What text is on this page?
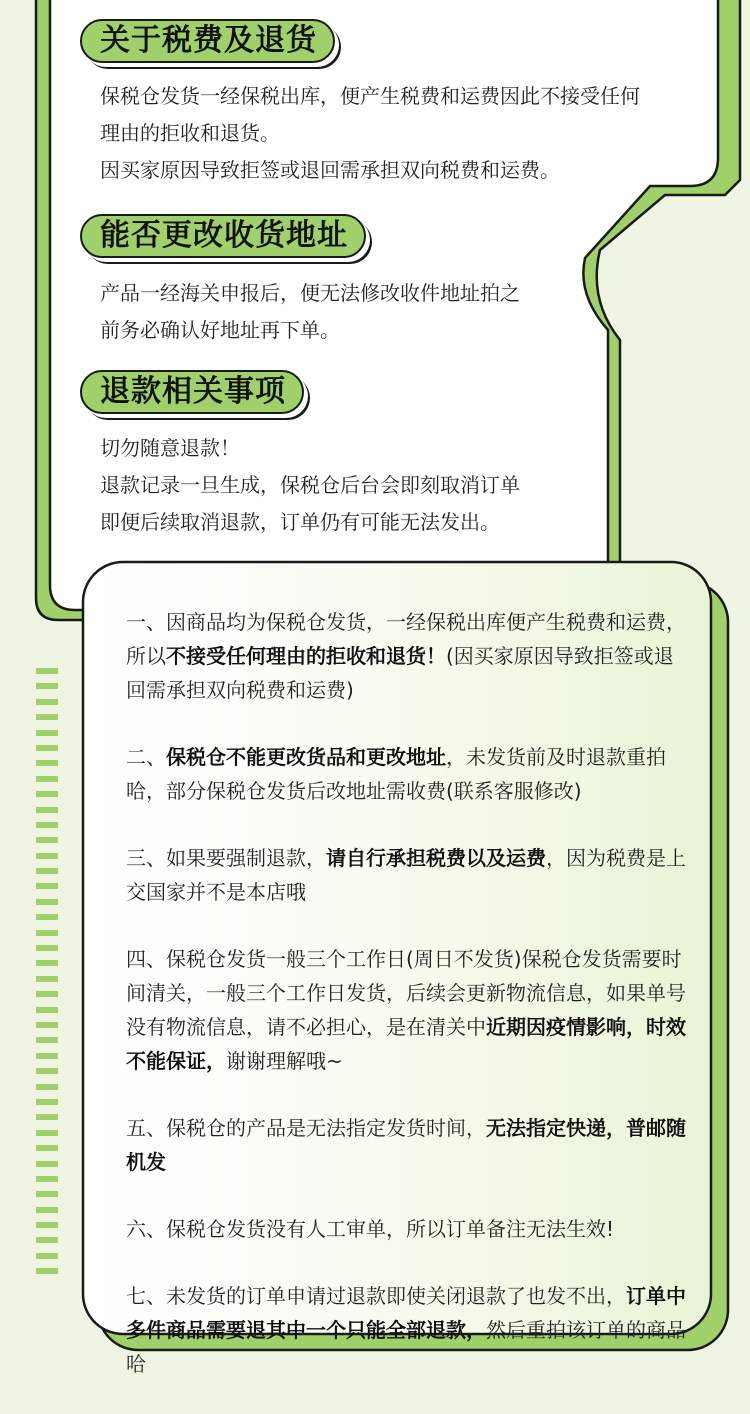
关于税费及退货
保税仓发货一经保税出库，便产生税费和运费因此不接受任何
理由的拒收和退货。
因买家原因导致拒签或退回需承担双向税费和运费。
能否更改收货地址
产品一经海关申报后，便无法修改收件地址拍之
前务必确认好地址再下单。
退款相关事项
切勿随意退款！
退款记录一旦生成，保税仓后台会即刻取消订单
即便后续取消退款，订单仍有可能无法发出。
一、因商品均为保税仓发货，一经保税出库便产生税费和运费，所以不接受任何理由的拒收和退货！(因买家原因导致拒签或退回需承担双向税费和运费)
二、保税仓不能更改货品和更改地址，未发货前及时退款重拍哈，部分保税仓发货后改地址需收费(联系客服修改)
三、如果要强制退款，请自行承担税费以及运费，因为税费是上交国家并不是本店哦
四、保税仓发货一般三个工作日(周日不发货)保税仓发货需要时间清关，一般三个工作日发货，后续会更新物流信息，如果单号没有物流信息，请不必担心，是在清关中近期因疫情影响，时效不能保证，谢谢理解哦~
五、保税仓的产品是无法指定发货时间，无法指定快递，普邮随机发
六、保税仓发货没有人工审单，所以订单备注无法生效!
七、未发货的订单申请过退款即使关闭退款了也发不出，订单中多件商品需要退其中一个只能全部退款，然后重拍该订单的商品哈
